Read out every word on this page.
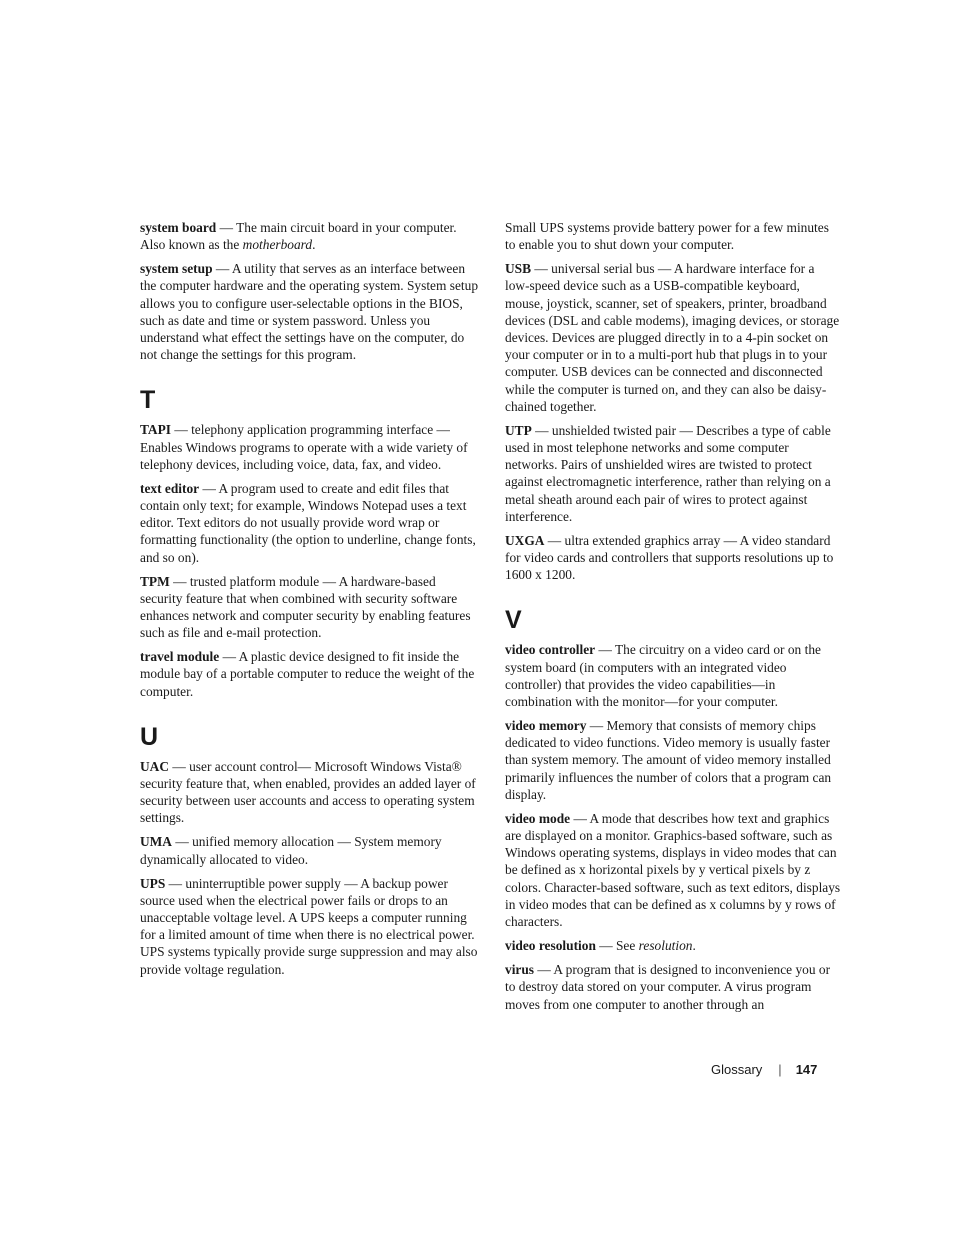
system board — The main circuit board in your computer. Also known as the motherboard.

system setup — A utility that serves as an interface between the computer hardware and the operating system. System setup allows you to configure user-selectable options in the BIOS, such as date and time or system password. Unless you understand what effect the settings have on the computer, do not change the settings for this program.

T

TAPI — telephony application programming interface — Enables Windows programs to operate with a wide variety of telephony devices, including voice, data, fax, and video.

text editor — A program used to create and edit files that contain only text; for example, Windows Notepad uses a text editor. Text editors do not usually provide word wrap or formatting functionality (the option to underline, change fonts, and so on).

TPM — trusted platform module — A hardware-based security feature that when combined with security software enhances network and computer security by enabling features such as file and e-mail protection.

travel module — A plastic device designed to fit inside the module bay of a portable computer to reduce the weight of the computer.

U

UAC — user account control— Microsoft Windows Vista® security feature that, when enabled, provides an added layer of security between user accounts and access to operating system settings.

UMA — unified memory allocation — System memory dynamically allocated to video.

UPS — uninterruptible power supply — A backup power source used when the electrical power fails or drops to an unacceptable voltage level. A UPS keeps a computer running for a limited amount of time when there is no electrical power. UPS systems typically provide surge suppression and may also provide voltage regulation.

Small UPS systems provide battery power for a few minutes to enable you to shut down your computer.

USB — universal serial bus — A hardware interface for a low-speed device such as a USB-compatible keyboard, mouse, joystick, scanner, set of speakers, printer, broadband devices (DSL and cable modems), imaging devices, or storage devices. Devices are plugged directly in to a 4-pin socket on your computer or in to a multi-port hub that plugs in to your computer. USB devices can be connected and disconnected while the computer is turned on, and they can also be daisy-chained together.

UTP — unshielded twisted pair — Describes a type of cable used in most telephone networks and some computer networks. Pairs of unshielded wires are twisted to protect against electromagnetic interference, rather than relying on a metal sheath around each pair of wires to protect against interference.

UXGA — ultra extended graphics array — A video standard for video cards and controllers that supports resolutions up to 1600 x 1200.

V

video controller — The circuitry on a video card or on the system board (in computers with an integrated video controller) that provides the video capabilities—in combination with the monitor—for your computer.

video memory — Memory that consists of memory chips dedicated to video functions. Video memory is usually faster than system memory. The amount of video memory installed primarily influences the number of colors that a program can display.

video mode — A mode that describes how text and graphics are displayed on a monitor. Graphics-based software, such as Windows operating systems, displays in video modes that can be defined as x horizontal pixels by y vertical pixels by z colors. Character-based software, such as text editors, displays in video modes that can be defined as x columns by y rows of characters.

video resolution — See resolution.

virus — A program that is designed to inconvenience you or to destroy data stored on your computer. A virus program moves from one computer to another through an

Glossary | 147
